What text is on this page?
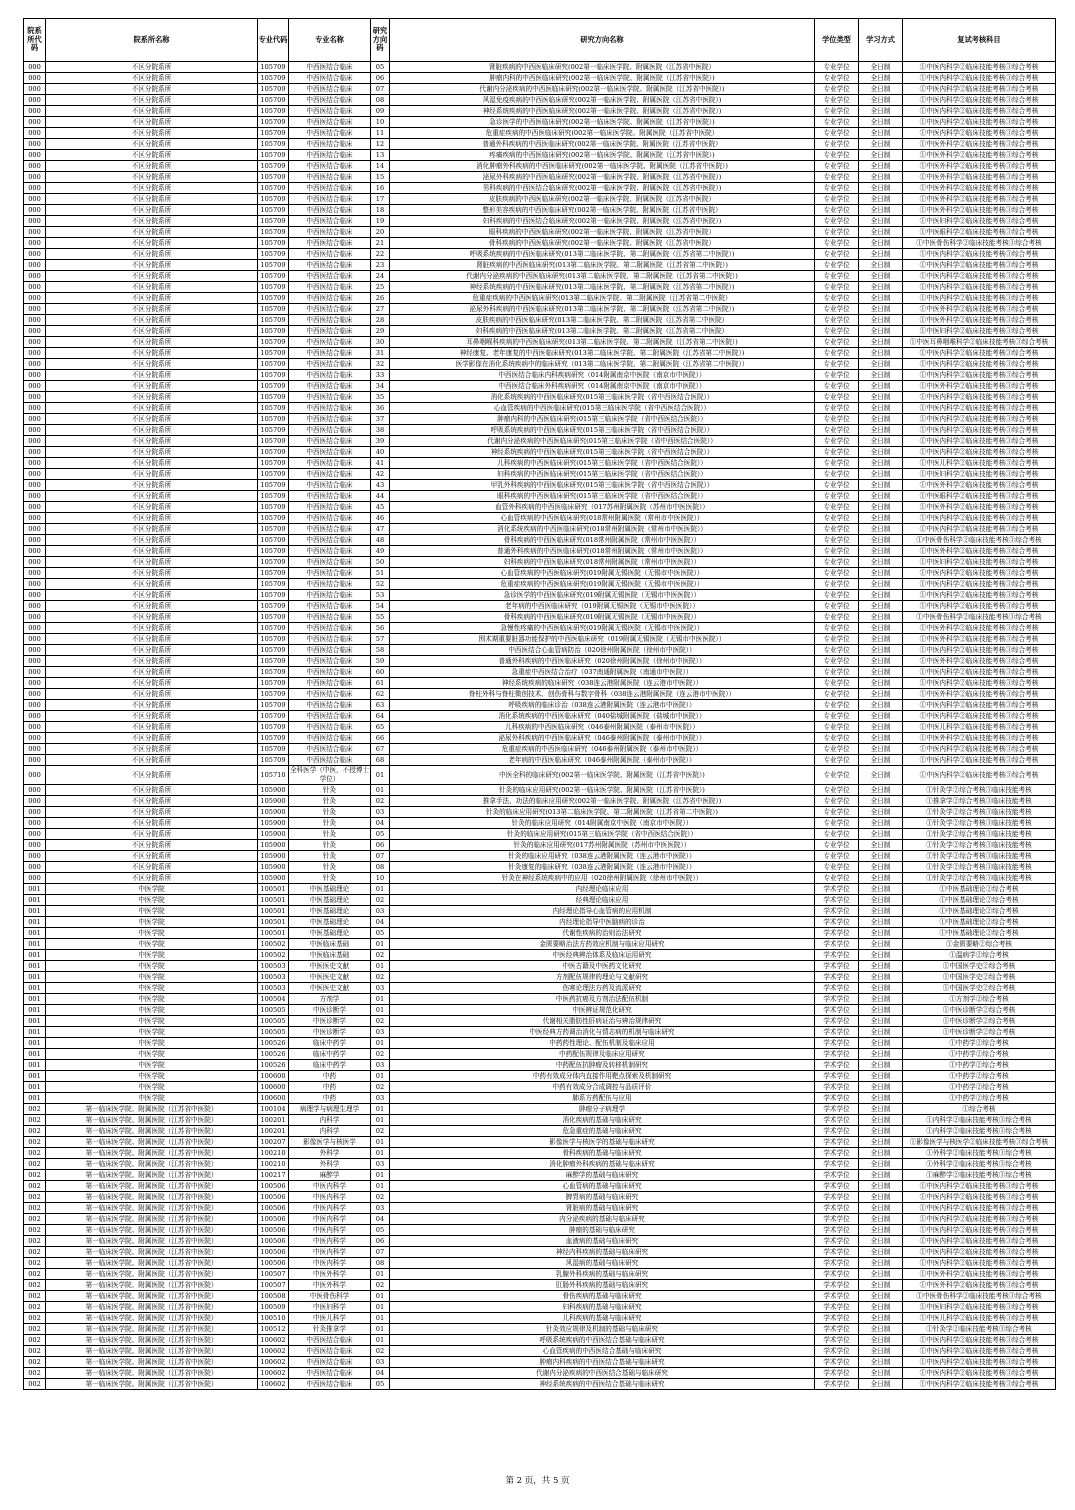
院系所代码	院系所名称	专业代码	专业名称	研究方向码	研究方向名称	学位类型	学习方式	复试考核科目
000	不区分院系所	105709	中西医结合临床	05	肾脏疾病的中西医临床研究(002第一临床医学院、附属医院（江苏省中医院）	专业学位	全日制	①中医内科学②临床技能考核③综合考核
000	不区分院系所	105709	中西医结合临床	06	肿瘤内科的中西医临床研究(002第一临床医学院、附属医院（江苏省中医院）)	专业学位	全日制	①中医内科学②临床技能考核③综合考核
000	不区分院系所	105709	中西医结合临床	07	代谢内分泌疾病的中西医临床研究(002第一临床医学院、附属医院（江苏省中医院）)	专业学位	全日制	①中医内科学②临床技能考核③综合考核
000	不区分院系所	105709	中西医结合临床	08	风湿免疫疾病的中西医临床研究(002第一临床医学院、附属医院（江苏省中医院）)	专业学位	全日制	①中医内科学②临床技能考核③综合考核
000	不区分院系所	105709	中西医结合临床	09	神经系统疾病的中西医临床研究(002第一临床医学院、附属医院（江苏省中医院）)	专业学位	全日制	①中医内科学②临床技能考核③综合考核
000	不区分院系所	105709	中西医结合临床	10	急诊医学的中西医临床研究(002第一临床医学院、附属医院（江苏省中医院）)	专业学位	全日制	①中医内科学②临床技能考核③综合考核
000	不区分院系所	105709	中西医结合临床	11	危重症疾病的中西医临床研究(002第一临床医学院、附属医院（江苏省中医院）	专业学位	全日制	①中医内科学②临床技能考核③综合考核
000	不区分院系所	105709	中西医结合临床	12	普通外科疾病的中西医临床研究(002第一临床医学院、附属医院（江苏省中医院）	专业学位	全日制	①中医外科学②临床技能考核③综合考核
000	不区分院系所	105709	中西医结合临床	13	疼痛疾病的中西医临床研究(002第一临床医学院、附属医院（江苏省中医院）)	专业学位	全日制	①中医外科学②临床技能考核③综合考核
000	不区分院系所	105709	中西医结合临床	14	消化肿瘤外科疾病的中西医临床研究(002第一临床医学院、附属医院（江苏省中医院）)	专业学位	全日制	①中医外科学②临床技能考核③综合考核
000	不区分院系所	105709	中西医结合临床	15	泌尿外科疾病的中西医临床研究(002第一临床医学院、附属医院（江苏省中医院）)	专业学位	全日制	①中医外科学②临床技能考核③综合考核
000	不区分院系所	105709	中西医结合临床	16	男科疾病的中西医结合临床研究(002第一临床医学院、附属医院（江苏省中医院）)	专业学位	全日制	①中医外科学②临床技能考核③综合考核
000	不区分院系所	105709	中西医结合临床	17	皮肤疾病的中西医临床研究(002第一临床医学院、附属医院（江苏省中医院）	专业学位	全日制	①中医外科学②临床技能考核③综合考核
000	不区分院系所	105709	中西医结合临床	18	整形美容疾病的中西医临床研究(002第一临床医学院、附属医院（江苏省中医院）	专业学位	全日制	①中医外科学②临床技能考核③综合考核
000	不区分院系所	105709	中西医结合临床	19	妇科疾病的中西医结合临床研究(002第一临床医学院、附属医院（江苏省中医院）)	专业学位	全日制	①中医妇科学②临床技能考核③综合考核
000	不区分院系所	105709	中西医结合临床	20	眼科疾病的中西医临床研究(002第一临床医学院、附属医院（江苏省中医院）	专业学位	全日制	①中医眼科学②临床技能考核③综合考核
000	不区分院系所	105709	中西医结合临床	21	骨科疾病的中西医临床研究(002第一临床医学院、附属医院（江苏省中医院）	专业学位	全日制	①中医骨伤科学②临床技能考核③综合考核
000	不区分院系所	105709	中西医结合临床	22	呼吸系统疾病的中西医临床研究(013第二临床医学院、第二附属医院（江苏省第二中医院）)	专业学位	全日制	①中医内科学②临床技能考核③综合考核
000	不区分院系所	105709	中西医结合临床	23	肾脏疾病的中西医临床研究(013第二临床医学院、第二附属医院（江苏省第二中医院）)	专业学位	全日制	①中医内科学②临床技能考核③综合考核
000	不区分院系所	105709	中西医结合临床	24	代谢内分泌疾病的中西医临床研究(013第二临床医学院、第二附属医院（江苏省第二中医院）)	专业学位	全日制	①中医内科学②临床技能考核③综合考核
000	不区分院系所	105709	中西医结合临床	25	神经系统疾病的中西医临床研究(013第二临床医学院、第二附属医院（江苏省第二中医院）)	专业学位	全日制	①中医内科学②临床技能考核③综合考核
000	不区分院系所	105709	中西医结合临床	26	危重症疾病的中西医临床研究(013第二临床医学院、第二附属医院（江苏省第二中医院）	专业学位	全日制	①中医内科学②临床技能考核③综合考核
000	不区分院系所	105709	中西医结合临床	27	泌尿外科疾病的中西医临床研究(013第二临床医学院、第二附属医院（江苏省第二中医院）)	专业学位	全日制	①中医外科学②临床技能考核③综合考核
000	不区分院系所	105709	中西医结合临床	28	皮肤疾病的中西医临床研究(013第二临床医学院、第二附属医院（江苏省第二中医院）	专业学位	全日制	①中医外科学②临床技能考核③综合考核
000	不区分院系所	105709	中西医结合临床	29	妇科疾病的中西医临床研究(013第二临床医学院、第二附属医院（江苏省第二中医院）	专业学位	全日制	①中医妇科学②临床技能考核③综合考核
000	不区分院系所	105709	中西医结合临床	30	耳鼻咽喉科疾病的中西医临床研究(013第二临床医学院、第二附属医院（江苏省第二中医院）)	专业学位	全日制	①中医耳鼻咽喉科学②临床技能考核③综合考核
000	不区分院系所	105709	中西医结合临床	31	神经康复、老年康复的中西医临床研究(013第二临床医学院、第二附属医院（江苏省第二中医院）)	专业学位	全日制	①中医内科学②临床技能考核③综合考核
000	不区分院系所	105709	中西医结合临床	32	医学影像在消化系统疾病中的临床研究（013第二临床医学院、第二附属医院（江苏省第二中医院））	专业学位	全日制	①中医内科学②临床技能考核③综合考核
000	不区分院系所	105709	中西医结合临床	33	中西医结合临床内科疾病研究（014附属南京中医院（南京市中医院））	专业学位	全日制	①中医内科学②临床技能考核③综合考核
000	不区分院系所	105709	中西医结合临床	34	中西医结合临床外科疾病研究（014附属南京中医院（南京市中医院））	专业学位	全日制	①中医外科学②临床技能考核③综合考核
000	不区分院系所	105709	中西医结合临床	35	消化系统疾病的中西医临床研究(015第三临床医学院（省中西医结合医院））	专业学位	全日制	①中医内科学②临床技能考核③综合考核
000	不区分院系所	105709	中西医结合临床	36	心血管疾病的中西医临床研究(015第三临床医学院（省中西医结合医院））	专业学位	全日制	①中医内科学②临床技能考核③综合考核
000	不区分院系所	105709	中西医结合临床	37	肿瘤内科的中西医临床研究(015第三临床医学院（省中西医结合医院））	专业学位	全日制	①中医内科学②临床技能考核③综合考核
000	不区分院系所	105709	中西医结合临床	38	呼吸系统疾病的中西医临床研究(015第三临床医学院（省中西医结合医院））	专业学位	全日制	①中医内科学②临床技能考核③综合考核
000	不区分院系所	105709	中西医结合临床	39	代谢内分泌疾病的中西医临床研究(015第三临床医学院（省中西医结合医院））	专业学位	全日制	①中医内科学②临床技能考核③综合考核
000	不区分院系所	105709	中西医结合临床	40	神经系统疾病的中西医临床研究(015第三临床医学院（省中西医结合医院））	专业学位	全日制	①中医内科学②临床技能考核③综合考核
000	不区分院系所	105709	中西医结合临床	41	儿科疾病的中西医临床研究(015第三临床医学院（省中西医结合医院））	专业学位	全日制	①中医儿科学②临床技能考核③综合考核
000	不区分院系所	105709	中西医结合临床	42	妇科疾病的中西医临床研究(015第三临床医学院（省中西医结合医院））	专业学位	全日制	①中医妇科学②临床技能考核③综合考核
000	不区分院系所	105709	中西医结合临床	43	甲乳外科疾病的中西医临床研究(015第三临床医学院（省中西医结合医院））	专业学位	全日制	①中医外科学②临床技能考核③综合考核
000	不区分院系所	105709	中西医结合临床	44	眼科疾病的中西医临床研究(015第三临床医学院（省中西医结合医院））	专业学位	全日制	①中医眼科学②临床技能考核③综合考核
000	不区分院系所	105709	中西医结合临床	45	血管外科疾病的中西医临床研究（017苏州附属医院（苏州市中医医院））	专业学位	全日制	①中医外科学②临床技能考核③综合考核
000	不区分院系所	105709	中西医结合临床	46	心血管疾病的中西医临床研究(018常州附属医院（常州市中医医院））	专业学位	全日制	①中医内科学②临床技能考核③综合考核
000	不区分院系所	105709	中西医结合临床	47	消化系统疾病的中西医临床研究(018常州附属医院（常州市中医医院））	专业学位	全日制	①中医内科学②临床技能考核③综合考核
000	不区分院系所	105709	中西医结合临床	48	骨科疾病的中西医临床研究(018常州附属医院（常州市中医医院））	专业学位	全日制	①中医骨伤科学②临床技能考核③综合考核
000	不区分院系所	105709	中西医结合临床	49	普通外科疾病的中西医临床研究(018常州附属医院（常州市中医医院））	专业学位	全日制	①中医外科学②临床技能考核③综合考核
000	不区分院系所	105709	中西医结合临床	50	妇科疾病的中西医临床研究(018常州附属医院（常州市中医医院））	专业学位	全日制	①中医妇科学②临床技能考核③综合考核
000	不区分院系所	105709	中西医结合临床	51	心血管疾病的中西医临床研究(019附属无锡医院（无锡市中医医院））	专业学位	全日制	①中医内科学②临床技能考核③综合考核
000	不区分院系所	105709	中西医结合临床	52	危重症疾病的中西医临床研究(019附属无锡医院（无锡市中医医院））	专业学位	全日制	①中医内科学②临床技能考核③综合考核
000	不区分院系所	105709	中西医结合临床	53	急诊医学的中西医临床研究(019附属无锡医院（无锡市中医医院））	专业学位	全日制	①中医内科学②临床技能考核③综合考核
000	不区分院系所	105709	中西医结合临床	54	老年病的中西医临床研究（019附属无锡医院（无锡市中医医院））	专业学位	全日制	①中医内科学②临床技能考核③综合考核
000	不区分院系所	105709	中西医结合临床	55	骨科疾病的中西医临床研究(019附属无锡医院（无锡市中医医院））	专业学位	全日制	①中医骨伤科学②临床技能考核③综合考核
000	不区分院系所	105709	中西医结合临床	56	急慢性疼痛的中西医临床研究(019附属无锡医院（无锡市中医医院））	专业学位	全日制	①中医外科学②临床技能考核③综合考核
000	不区分院系所	105709	中西医结合临床	57	围术期重要脏器功能保护的中西医临床研究（019附属无锡医院（无锡市中医医院））	专业学位	全日制	①中医外科学②临床技能考核③综合考核
000	不区分院系所	105709	中西医结合临床	58	中西医结合心血管病防治（020徐州附属医院（徐州市中医院））	专业学位	全日制	①中医内科学②临床技能考核③综合考核
000	不区分院系所	105709	中西医结合临床	59	普通外科疾病的中西医临床研究（020徐州附属医院（徐州市中医院））	专业学位	全日制	①中医外科学②临床技能考核③综合考核
000	不区分院系所	105709	中西医结合临床	60	急重症中西医结合治疗（037南通附属医院（南通市中医院））	专业学位	全日制	①中医内科学②临床技能考核③综合考核
000	不区分院系所	105709	中西医结合临床	61	神经系统疾病的临床研究（038连云港附属医院（连云港市中医院））	专业学位	全日制	①中医内科学②临床技能考核③综合考核
000	不区分院系所	105709	中西医结合临床	62	脊柱外科与脊柱微创技术、创伤骨科与数字骨科（038连云港附属医院（连云港市中医院））	专业学位	全日制	①中医外科学②临床技能考核③综合考核
000	不区分院系所	105709	中西医结合临床	63	呼吸疾病的临床诊治（038连云港附属医院（连云港市中医院））	专业学位	全日制	①中医内科学②临床技能考核③综合考核
000	不区分院系所	105709	中西医结合临床	64	消化系统疾病的中西医临床研究（040盐城附属医院（盐城市中医院））	专业学位	全日制	①中医内科学②临床技能考核③综合考核
000	不区分院系所	105709	中西医结合临床	65	儿科疾病的中西医临床研究（046泰州附属医院（泰州市中医院））	专业学位	全日制	①中医儿科学②临床技能考核③综合考核
000	不区分院系所	105709	中西医结合临床	66	泌尿外科疾病的中西医临床研究（046泰州附属医院（泰州市中医院））	专业学位	全日制	①中医外科学②临床技能考核③综合考核
000	不区分院系所	105709	中西医结合临床	67	危重症疾病的中西医临床研究（046泰州附属医院（泰州市中医院））	专业学位	全日制	①中医内科学②临床技能考核③综合考核
000	不区分院系所	105709	中西医结合临床	68	老年病的中西医临床研究（046泰州附属医院（泰州市中医院））	专业学位	全日制	①中医内科学②临床技能考核③综合考核
000	不区分院系所	105710	全科医学（中医，不授博士学位）	01	中医全科的临床研究(002第一临床医学院、附属医院（江苏省中医院）)	专业学位	全日制	①中医内科学②临床技能考核③综合考核
000	不区分院系所	105900	针灸	01	针灸的临床应用研究(002第一临床医学院、附属医院（江苏省中医院）)	专业学位	全日制	①针灸学②综合考核③临床技能考核
000	不区分院系所	105900	针灸	02	推拿手法、功法的临床应用研究(002第一临床医学院、附属医院（江苏省中医院）)	专业学位	全日制	①推拿学②综合考核③临床技能考核
000	不区分院系所	105900	针灸	03	针灸的临床应用研究(013第二临床医学院、第二附属医院（江苏省第二中医院）)	专业学位	全日制	①针灸学②综合考核③临床技能考核
000	不区分院系所	105900	针灸	04	针灸的临床应用研究（014附属南京中医院（南京市中医院））	专业学位	全日制	①针灸学②综合考核③临床技能考核
000	不区分院系所	105900	针灸	05	针灸的临床应用研究(015第三临床医学院（省中西医结合医院））	专业学位	全日制	①针灸学②综合考核③临床技能考核
000	不区分院系所	105900	针灸	06	针灸的临床应用研究(017苏州附属医院（苏州市中医医院））	专业学位	全日制	①针灸学②综合考核③临床技能考核
000	不区分院系所	105900	针灸	07	针灸的临床应用研究（038连云港附属医院（连云港市中医院））	专业学位	全日制	①针灸学②综合考核③临床技能考核
000	不区分院系所	105900	针灸	08	针灸康复的临床研究（038连云港附属医院（连云港市中医院））	专业学位	全日制	①针灸学②综合考核③临床技能考核
000	不区分院系所	105900	针灸	10	针灸在神经系统疾病中的应用（020徐州附属医院（徐州市中医院））	专业学位	全日制	①针灸学②综合考核③临床技能考核
001	中医学院	100501	中医基础理论	01	内经理论临床应用	学术学位	全日制	①中医基础理论②综合考核
001	中医学院	100501	中医基础理论	02	经典理论临床应用	学术学位	全日制	①中医基础理论②综合考核
001	中医学院	100501	中医基础理论	03	内经理论指导心血管病的应用机制	学术学位	全日制	①中医基础理论②综合考核
001	中医学院	100501	中医基础理论	04	内经理论指导中医脑病的诊治	学术学位	全日制	①中医基础理论②综合考核
001	中医学院	100501	中医基础理论	05	代谢性疾病的治则治法研究	学术学位	全日制	①中医基础理论②综合考核
001	中医学院	100502	中医临床基础	01	金匮要略治法方药效应机制与临床应用研究	学术学位	全日制	①金匮要略②综合考核
001	中医学院	100502	中医临床基础	02	中医经典辨治体系及临床运用研究	学术学位	全日制	①温病学②综合考核
001	中医学院	100503	中医医史文献	01	中医古籍及中医药文化研究	学术学位	全日制	①中国医学史②综合考核
001	中医学院	100503	中医医史文献	02	方剂配伍规律的理论与文献研究	学术学位	全日制	①中国医学史②综合考核
001	中医学院	100503	中医医史文献	03	伤寒论理法方药及流派研究	学术学位	全日制	①中国医学史②综合考核
001	中医学院	100504	方剂学	01	中医药抗癌及方剂治法配伍机制	学术学位	全日制	①方剂学②综合考核
001	中医学院	100505	中医诊断学	01	中医辨证规范化研究	学术学位	全日制	①中医诊断学②综合考核
001	中医学院	100505	中医诊断学	02	代谢相关脂肪性肝病证治与辨治规律研究	学术学位	全日制	①中医诊断学②综合考核
001	中医学院	100505	中医诊断学	03	中医经典方药调治消化与情志病的机制与临床研究	学术学位	全日制	①中医诊断学②综合考核
001	中医学院	100526	临床中药学	01	中药药性理论、配伍机制及临床应用	学术学位	全日制	①中药学②综合考核
001	中医学院	100526	临床中药学	02	中药配伍规律及临床应用研究	学术学位	全日制	①中药学②综合考核
001	中医学院	100526	临床中药学	03	中药配伍抗肿瘤及转移机制研究	学术学位	全日制	①中药学②综合考核
001	中医学院	100600	中药	01	中药有效成分体内直接作用靶点探索及机制研究	学术学位	全日制	①中药学②综合考核
001	中医学院	100600	中药	02	中药有效成分合成调控与品质评价	学术学位	全日制	①中药学②综合考核
001	中医学院	100600	中药	03	肺系方药配伍与应用	学术学位	全日制	①中药学②综合考核
002	第一临床医学院、附属医院（江苏省中医院）	100104	病理学与病理生理学	01	肿瘤分子病理学	学术学位	全日制	①综合考核
002	第一临床医学院、附属医院（江苏省中医院）	100201	内科学	01	消化疾病的基础与临床研究	学术学位	全日制	①内科学②临床技能考核③综合考核
002	第一临床医学院、附属医院（江苏省中医院）	100201	内科学	02	危急重症的基础与临床研究	学术学位	全日制	①内科学②临床技能考核③综合考核
002	第一临床医学院、附属医院（江苏省中医院）	100207	影像医学与核医学	01	影像医学与核医学的基础与临床研究	学术学位	全日制	①影像医学与核医学②临床技能考核③综合考核
002	第一临床医学院、附属医院（江苏省中医院）	100210	外科学	01	骨科疾病的基础与临床研究	学术学位	全日制	①外科学②临床技能考核③综合考核
002	第一临床医学院、附属医院（江苏省中医院）	100210	外科学	03	消化肿瘤外科疾病的基础与临床研究	学术学位	全日制	①外科学②临床技能考核③综合考核
002	第一临床医学院、附属医院（江苏省中医院）	100217	麻醉学	01	麻醉学的基础与临床研究	学术学位	全日制	①麻醉学②临床技能考核③综合考核
002	第一临床医学院、附属医院（江苏省中医院）	100506	中医内科学	01	心血管病的基础与临床研究	学术学位	全日制	①中医内科学②临床技能考核③综合考核
002	第一临床医学院、附属医院（江苏省中医院）	100506	中医内科学	02	脾胃病的基础与临床研究	学术学位	全日制	①中医内科学②临床技能考核③综合考核
002	第一临床医学院、附属医院（江苏省中医院）	100506	中医内科学	03	肾脏病的基础与临床研究	学术学位	全日制	①中医内科学②临床技能考核③综合考核
002	第一临床医学院、附属医院（江苏省中医院）	100506	中医内科学	04	内分泌疾病的基础与临床研究	学术学位	全日制	①中医内科学②临床技能考核③综合考核
002	第一临床医学院、附属医院（江苏省中医院）	100506	中医内科学	05	肿瘤的基础与临床研究	学术学位	全日制	①中医内科学②临床技能考核③综合考核
002	第一临床医学院、附属医院（江苏省中医院）	100506	中医内科学	06	血液病的基础与临床研究	学术学位	全日制	①中医内科学②临床技能考核③综合考核
002	第一临床医学院、附属医院（江苏省中医院）	100506	中医内科学	07	神经内科疾病的基础与临床研究	学术学位	全日制	①中医内科学②临床技能考核③综合考核
002	第一临床医学院、附属医院（江苏省中医院）	100506	中医内科学	08	风湿病的基础与临床研究	学术学位	全日制	①中医内科学②临床技能考核③综合考核
002	第一临床医学院、附属医院（江苏省中医院）	100507	中医外科学	01	乳腺外科疾病的基础与临床研究	学术学位	全日制	①中医外科学②临床技能考核③综合考核
002	第一临床医学院、附属医院（江苏省中医院）	100507	中医外科学	02	肛肠外科疾病的基础与临床研究	学术学位	全日制	①中医外科学②临床技能考核③综合考核
002	第一临床医学院、附属医院（江苏省中医院）	100508	中医骨伤科学	01	骨伤疾病的基础与临床研究	学术学位	全日制	①中医骨伤科学②临床技能考核③综合考核
002	第一临床医学院、附属医院（江苏省中医院）	100509	中医妇科学	01	妇科疾病的基础与临床研究	学术学位	全日制	①中医妇科学②临床技能考核③综合考核
002	第一临床医学院、附属医院（江苏省中医院）	100510	中医儿科学	01	儿科疾病的基础与临床研究	学术学位	全日制	①中医儿科学②临床技能考核③综合考核
002	第一临床医学院、附属医院（江苏省中医院）	100512	针灸推拿学	01	针灸效应规律及机制的基础与临床研究	学术学位	全日制	①针灸学②临床技能考核③综合考核
002	第一临床医学院、附属医院（江苏省中医院）	100602	中西医结合临床	01	呼吸系统疾病的中西医结合基础与临床研究	学术学位	全日制	①中医内科学②临床技能考核③综合考核
002	第一临床医学院、附属医院（江苏省中医院）	100602	中西医结合临床	02	心血管疾病的中西医结合基础与临床研究	学术学位	全日制	①中医内科学②临床技能考核③综合考核
002	第一临床医学院、附属医院（江苏省中医院）	100602	中西医结合临床	03	肿瘤内科疾病的中西医结合基础与临床研究	学术学位	全日制	①中医内科学②临床技能考核③综合考核
002	第一临床医学院、附属医院（江苏省中医院）	100602	中西医结合临床	04	代谢内分泌疾病的中西医结合基础与临床研究	学术学位	全日制	①中医内科学②临床技能考核③综合考核
002	第一临床医学院、附属医院（江苏省中医院）	100602	中西医结合临床	05	神经系统疾病的中西医结合基础与临床研究	学术学位	全日制	①中医内科学②临床技能考核③综合考核
第 2 页，共 5 页
